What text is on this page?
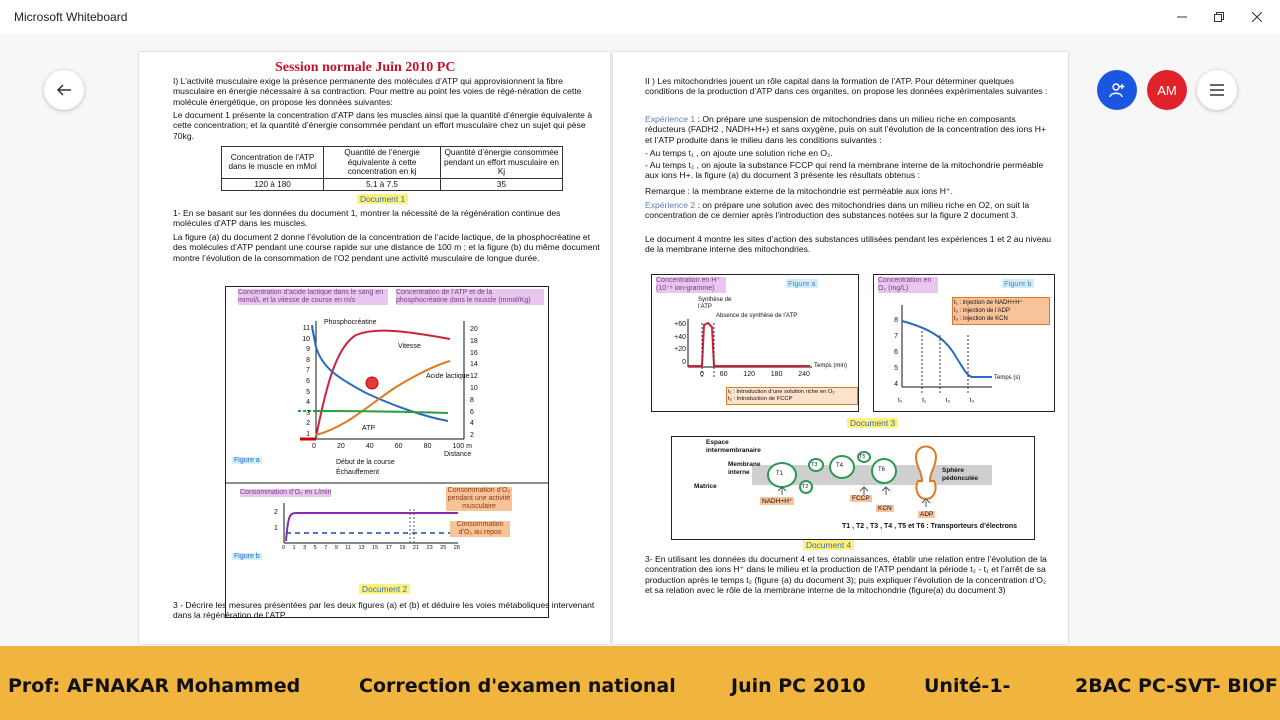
Microsoft Whiteboard
Session normale Juin 2010 PC

I) L’activité musculaire exige la présence permanente des molécules d’ATP qui approvisionnent la fibre musculaire en énergie nécessaire à sa contraction. Pour mettre au point les voies de régé-nération de cette molécule énergétique, on propose les données suivantes:

Le document 1 présente la concentration d’ATP dans les muscles ainsi que la quantité d’énergie équivalente à cette concentration; et la quantité d’énergie consommée pendant un effort musculaire chez un sujet qui pèse 70kg.

Concentration de l’ATP dans le muscle en mMol	Quantité de l’énergie équivalente à cette concentration en kj	Quantité d’énergie consommée pendant un effort musculaire en Kj
120 à 180	5.1 à 7.5	35
Document 1

1- En se basant sur les données du document 1, montrer la nécessité de la régénération continue des molécules d’ATP dans les muscles.

La figure (a) du document 2 donne l’évolution de la concentration de l’acide lactique, de la phosphocréatine et des molécules d’ATP pendant une course rapide sur une distance de 100 m ; et la figure (b) du même document montre l’évolution de la consommation de l’O2 pendant une activité musculaire de longue durée.

Concentration d’acide lactique dans le sang en mmol/L et la vitesse de course en m/s
Concentration de l’ATP et de la phosphocréatine dans le muscle (mmol/Kg)
11
10
9
8
7
6
5
4
3
2
1
20
18
16
14
12
10
8
6
4
2
0	20	40	60	80	100 m
Distance
Phosphocréatine
Vitesse
Acide lactique
ATP
Début de la course
Échauffement
Figure a
Consommation d’O₂ en L/min
2
1
0 1 3 5 7 9 11 13 15 17 19 21 23 25 28
Consommation d’O₂ pendant une activité musculaire
Consommation d’O₂ au repos
Figure b
Document 2

3 - Décrire les mesures présentées par les deux figures (a) et (b) et déduire les voies métaboliques intervenant dans la régénération de l’ATP.

II ) Les mitochondries jouent un rôle capital dans la formation de l’ATP. Pour déterminer quelques conditions de la production d’ATP dans ces organites, on propose les données expérimentales suivantes :

Expérience 1 : On prépare une suspension de mitochondries dans un milieu riche en composants réducteurs (FADH2 , NADH+H+) et sans oxygène, puis on suit l’évolution de la concentration des ions H+ et l’ATP produite dans le milieu dans les conditions suivantes :

- Au temps t₁ , on ajoute une solution riche en O₂.

- Au temps t₂ , on ajoute la substance FCCP qui rend la membrane interne de la mitochondrie perméable aux ions H+. la figure (a) du document 3 présente les résultats obtenus :

Remarque : la membrane externe de la mitochondrie est perméable aux ions H⁺.

Expérience 2 : on prépare une solution avec des mitochondries dans un milieu riche en O2, on suit la concentration de ce dernier après l’introduction des substances notées sur la figure 2 document 3.

Le document 4 montre les sites d’action des substances utilisées pendant les expériences 1 et 2 au niveau de la membrane interne des mitochondries.

Concentration en H⁺ (10⁻⁸ ion-gramme)
Figure a
Synthèse de l’ATP
Absence de synthèse de l’ATP
+60
+40
+20
0
0 60 120 180 240
Temps (min)
t₁ : Introduction d’une solution riche en O₂
t₂ : Introduction de FCCP
Concentration en O₂ (mg/L)
Figure b
t₁ : injection de NADH+H⁺
t₂ : injection de l’ADP
t₃ : injection de KCN
8
7
6
5
4
t₀	t₁	t₂	t₃
Temps (s)
Document 3
Espace intermembranaire
Membrane interne
Matrice
Sphère pédonculée
T1
T2
T3	T4
T5
T6
NADH+H⁺	FCCP
KCN
ADP
T1 , T2 , T3 , T4 , T5 et T6 : Transporteurs d’électrons
Document 4

3- En utilisant les données du document 4 et tes connaissances, établir une relation entre l’évolution de la concentration des ions H⁺ dans le milieu et la production de l’ATP pendant la période t₂ - t₁ et l’arrêt de sa production après le temps t₂ (figure (a) du document 3); puis expliquer l’évolution de la concentration d’O₂ et sa relation avec le rôle de la membrane interne de la mitochondrie (figure(a) du document 3)

AM
Prof: AFNAKAR Mohammed	Correction d'examen national	Juin PC 2010	Unité-1-	2BAC PC-SVT- BIOF
